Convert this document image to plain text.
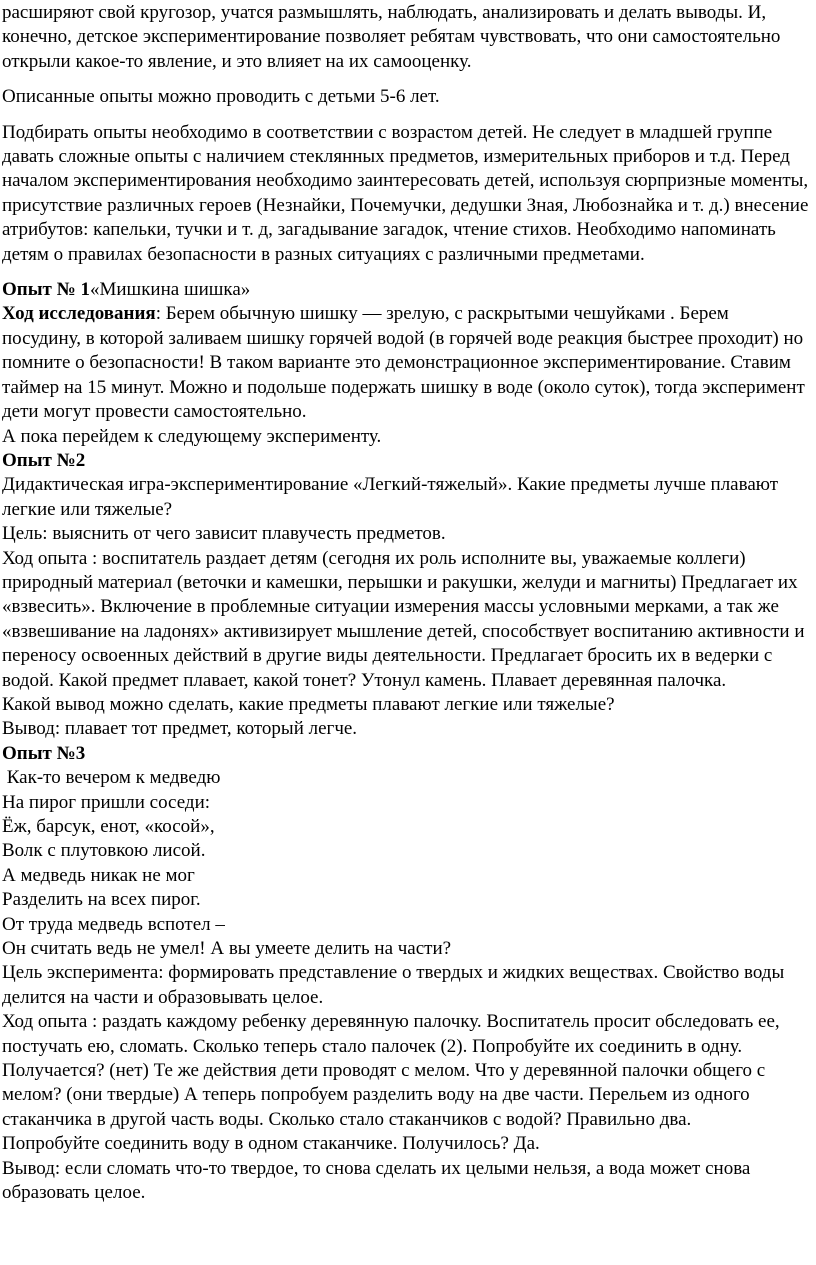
расширяют свой кругозор, учатся размышлять, наблюдать, анализировать и делать выводы. И, конечно, детское экспериментирование позволяет ребятам чувствовать, что они самостоятельно открыли какое-то явление, и это влияет на их самооценку.

Описанные опыты можно проводить с детьми 5-6 лет.

Подбирать опыты необходимо в соответствии с возрастом детей. Не следует в младшей группе давать сложные опыты с наличием стеклянных предметов, измерительных приборов и т.д. Перед началом экспериментирования необходимо заинтересовать детей, используя сюрпризные моменты, присутствие различных героев (Незнайки, Почемучки, дедушки Зная, Любознайка и т. д.) внесение атрибутов: капельки, тучки и т. д, загадывание загадок, чтение стихов. Необходимо напоминать детям о правилах безопасности в разных ситуациях с различными предметами.

Опыт № 1«Мишкина шишка»

Ход исследования: Берем обычную шишку — зрелую, с раскрытыми чешуйками . Берем посудину, в которой заливаем шишку горячей водой (в горячей воде реакция быстрее проходит) но помните о безопасности! В таком варианте это демонстрационное экспериментирование. Ставим таймер на 15 минут. Можно и подольше подержать шишку в воде (около суток), тогда эксперимент дети могут провести самостоятельно.

А пока перейдем к следующему эксперименту.

Опыт №2

Дидактическая игра-экспериментирование «Легкий-тяжелый». Какие предметы лучше плавают легкие или тяжелые?

Цель: выяснить от чего зависит плавучесть предметов.

Ход опыта : воспитатель раздает детям (сегодня их роль исполните вы, уважаемые коллеги) природный материал (веточки и камешки, перышки и ракушки, желуди и магниты) Предлагает их «взвесить». Включение в проблемные ситуации измерения массы условными мерками, а так же «взвешивание на ладонях» активизирует мышление детей, способствует воспитанию активности и переносу освоенных действий в другие виды деятельности. Предлагает бросить их в ведерки с водой. Какой предмет плавает, какой тонет? Утонул камень. Плавает деревянная палочка.

Какой вывод можно сделать, какие предметы плавают легкие или тяжелые?

Вывод: плавает тот предмет, который легче.

Опыт №3

Как-то вечером к медведю

На пирог пришли соседи:

Ёж, барсук, енот, «косой»,

Волк с плутовкою лисой.

А медведь никак не мог

Разделить на всех пирог.

От труда медведь вспотел –

Он считать ведь не умел! А вы умеете делить на части?

Цель эксперимента: формировать представление о твердых и жидких веществах. Свойство воды делится на части и образовывать целое.

Ход опыта : раздать каждому ребенку деревянную палочку. Воспитатель просит обследовать ее, постучать ею, сломать. Сколько теперь стало палочек (2). Попробуйте их соединить в одну. Получается? (нет) Те же действия дети проводят с мелом. Что у деревянной палочки общего с мелом? (они твердые) А теперь попробуем разделить воду на две части. Перельем из одного стаканчика в другой часть воды. Сколько стало стаканчиков с водой? Правильно два.

Попробуйте соединить воду в одном стаканчике. Получилось? Да.

Вывод: если сломать что-то твердое, то снова сделать их целыми нельзя, а вода может снова образовать целое.
